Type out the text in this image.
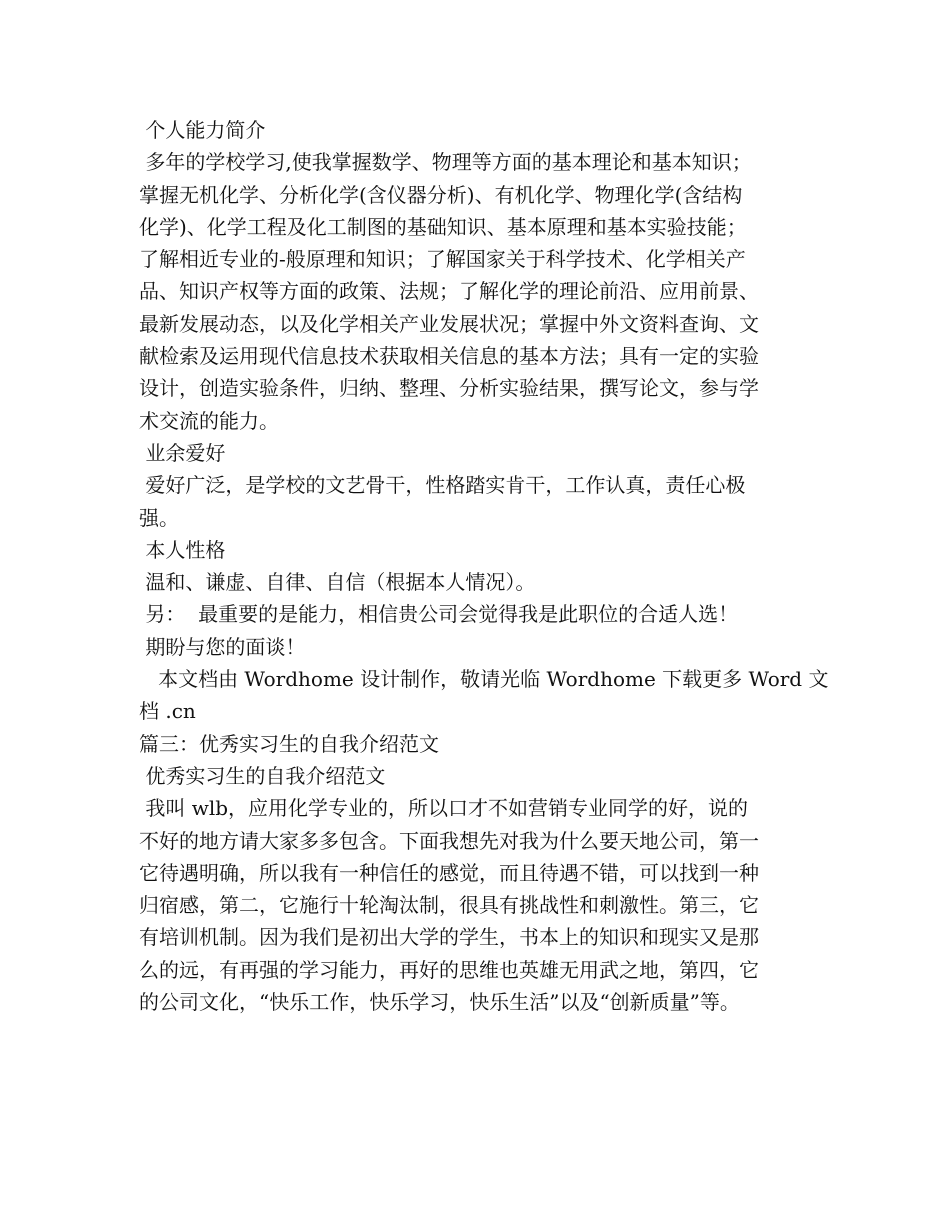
个人能力简介
多年的学校学习,使我掌握数学、物理等方面的基本理论和基本知识；
掌握无机化学、分析化学(含仪器分析)、有机化学、物理化学(含结构
化学)、化学工程及化工制图的基础知识、基本原理和基本实验技能；
了解相近专业的-般原理和知识；了解国家关于科学技术、化学相关产
品、知识产权等方面的政策、法规；了解化学的理论前沿、应用前景、
最新发展动态，以及化学相关产业发展状况；掌握中外文资料查询、文
献检索及运用现代信息技术获取相关信息的基本方法；具有一定的实验
设计，创造实验条件，归纳、整理、分析实验结果，撰写论文，参与学
术交流的能力。
业余爱好
爱好广泛，是学校的文艺骨干，性格踏实肯干，工作认真，责任心极
强。
本人性格
温和、谦虚、自律、自信（根据本人情况）。
另：  最重要的是能力，相信贵公司会觉得我是此职位的合适人选！
期盼与您的面谈！
本文档由 Wordhome 设计制作，敬请光临 Wordhome 下载更多 Word 文
档 .cn
篇三：优秀实习生的自我介绍范文
优秀实习生的自我介绍范文
我叫 wlb，应用化学专业的，所以口才不如营销专业同学的好，说的
不好的地方请大家多多包含。下面我想先对我为什么要天地公司，第一
它待遇明确，所以我有一种信任的感觉，而且待遇不错，可以找到一种
归宿感，第二，它施行十轮淘汰制，很具有挑战性和刺激性。第三，它
有培训机制。因为我们是初出大学的学生，书本上的知识和现实又是那
么的远，有再强的学习能力，再好的思维也英雄无用武之地，第四，它
的公司文化，“快乐工作，快乐学习，快乐生活”以及“创新质量”等。
